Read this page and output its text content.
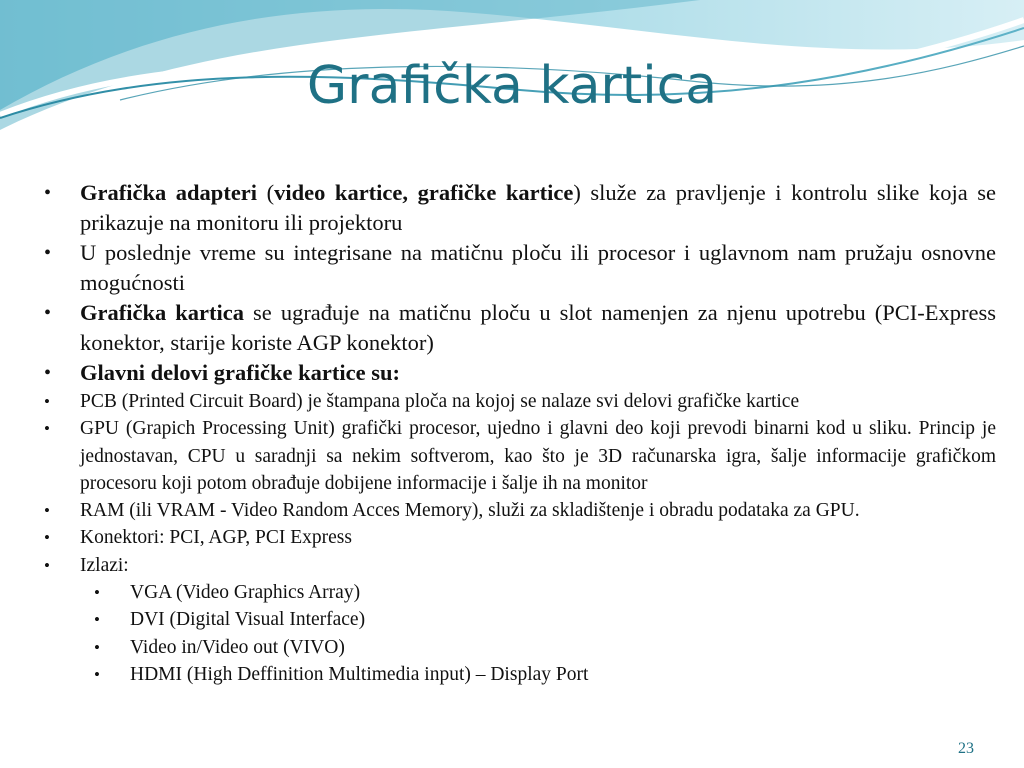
Grafička kartica
•	Grafička adapteri (video kartice, grafičke kartice) služe za pravljenje i kontrolu slike koja se prikazuje na monitoru ili projektoru
•	U poslednje vreme su integrisane na matičnu ploču ili procesor i uglavnom nam pružaju osnovne mogućnosti
•	Grafička kartica se ugrađuje na matičnu ploču u slot namenjen za njenu upotrebu (PCI-Express konektor, starije koriste AGP konektor)
•	Glavni delovi grafičke kartice su:
•	PCB (Printed Circuit Board) je štampana ploča na kojoj se nalaze svi delovi grafičke kartice
•	GPU (Grapich Processing Unit) grafički procesor, ujedno i glavni deo koji prevodi binarni kod u sliku. Princip je jednostavan, CPU u saradnji sa nekim softverom, kao što je 3D računarska igra, šalje informacije grafičkom procesoru koji potom obrađuje dobijene informacije i šalje ih na monitor
•	RAM (ili VRAM - Video Random Acces Memory), služi za skladištenje i obradu podataka za GPU.
•	Konektori: PCI, AGP, PCI Express
•	Izlazi:
•	VGA (Video Graphics Array)
•	DVI (Digital Visual Interface)
•	Video in/Video out (VIVO)
•	HDMI (High Deffinition Multimedia input) – Display Port
23
